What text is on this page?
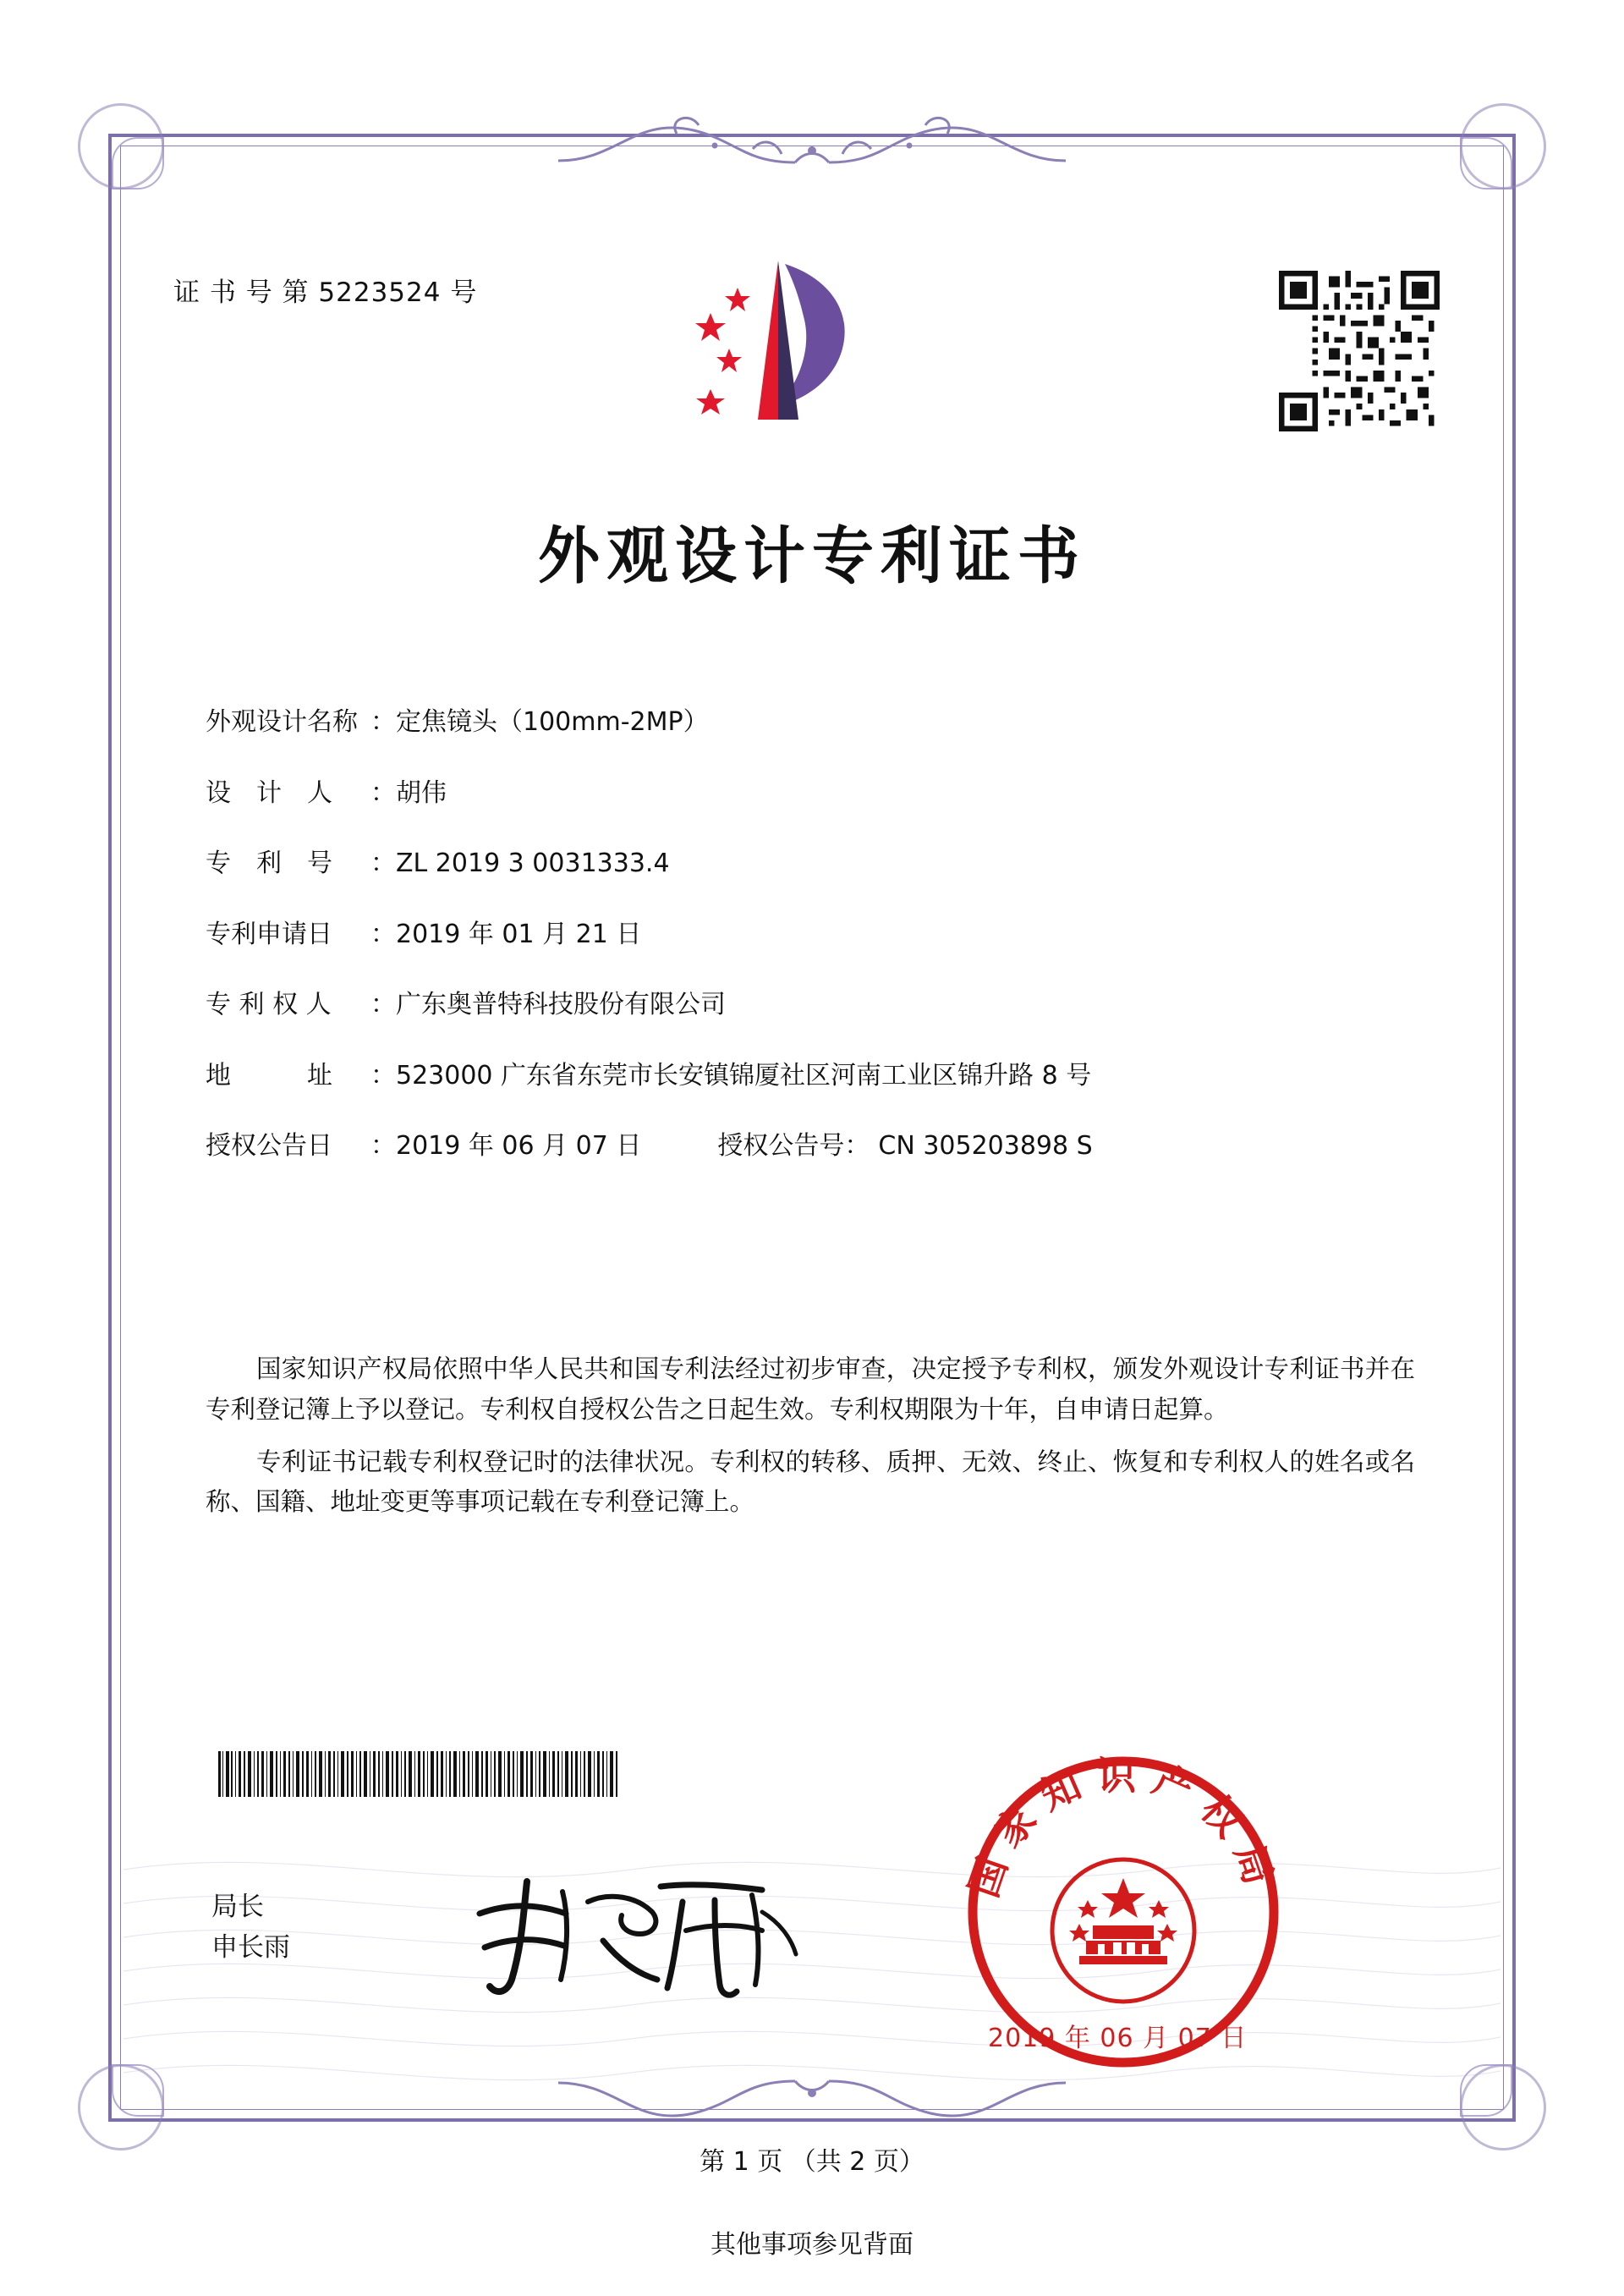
证 书 号 第 5223524 号
外观设计专利证书
外观设计名称 ： 定焦镜头（100mm-2MP）
设　计　人	： 胡伟
专　利　号	： ZL 2019 3 0031333.4
专利申请日	： 2019 年 01 月 21 日
专 利 权 人	： 广东奥普特科技股份有限公司
地　　　址	： 523000 广东省东莞市长安镇锦厦社区河南工业区锦升路 8 号
授权公告日	： 2019 年 06 月 07 日	授权公告号 ： CN 305203898 S

国家知识产权局依照中华人民共和国专利法经过初步审查，决定授予专利权，颁发外观设计专利证书并在专利登记簿上予以登记。专利权自授权公告之日起生效。专利权期限为十年，自申请日起算。

专利证书记载专利权登记时的法律状况。专利权的转移、质押、无效、终止、恢复和专利权人的姓名或名称、国籍、地址变更等事项记载在专利登记簿上。

局长
申长雨
国家知识产权局
2019 年 06 月 07 日
第 1 页 （共 2 页）
其他事项参见背面
